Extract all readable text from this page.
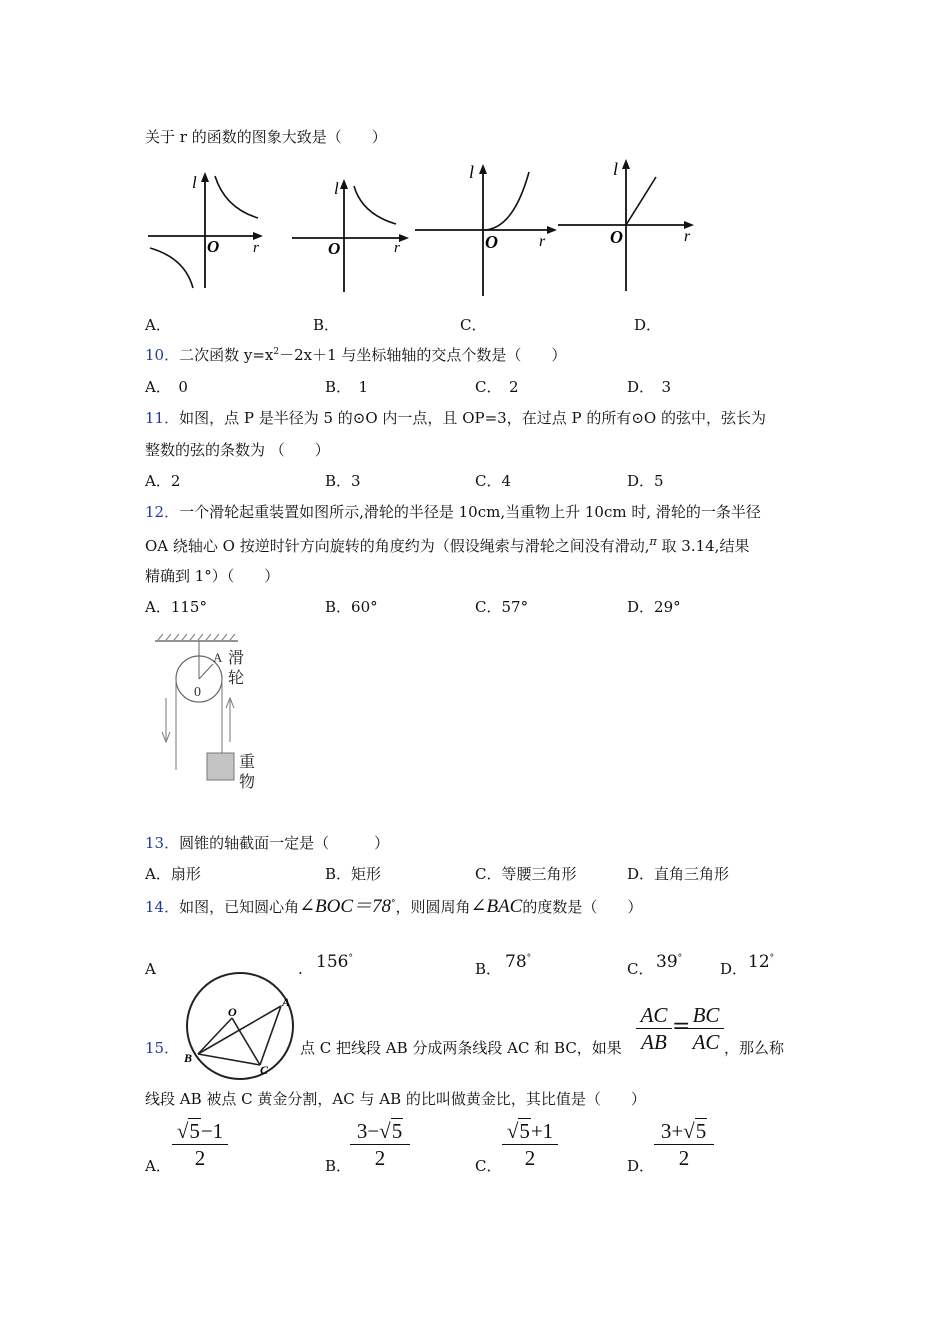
关于 r 的函数的图象大致是（　　）
l
r
O
l
r
O
l
r
O
l
r
O
A．	B．	C．	D．
10．二次函数 $y=x^2-2x+1$ 与坐标轴轴的交点个数是（　　）
A．　0	B．　1	C．　2	D．　3
11．如图，点 P 是半径为 5 的⊙O 内一点，且 OP=3，在过点 P 的所有⊙O 的弦中，弦长为
整数的弦的条数为 （　　）
A．2	B．3	C．4	D．5
12．一个滑轮起重装置如图所示,滑轮的半径是 10cm,当重物上升 10cm 时, 滑轮的一条半径
OA 绕轴心 O 按逆时针方向旋转的角度约为（假设绳索与滑轮之间没有滑动,$^\pi$ 取 3.14,结果
精确到 1°）（　　）
A．115°	B．60°	C．57°	D．29°
A
0
滑
轮
重
物
13．圆锥的轴截面一定是（　　　）
A．扇形	B．矩形	C．等腰三角形	D．直角三角形
14．如图，已知圆心角∠BOC＝78°，则圆周角∠BAC的度数是（　　）
A	. 156°
B． 78°
C． 39°
D． 12°
O
A
B
C
15．	点 C 把线段 AB 分成两条线段 AC 和 BC，如果
AC
AB
= BC
AC ，那么称
线段 AB 被点 C 黄金分割，AC 与 AB 的比叫做黄金比，其比值是（　　）
A．
√5−1
2	B．
3−√5
2	C．
√5+1
2	D．
3+√5
2
